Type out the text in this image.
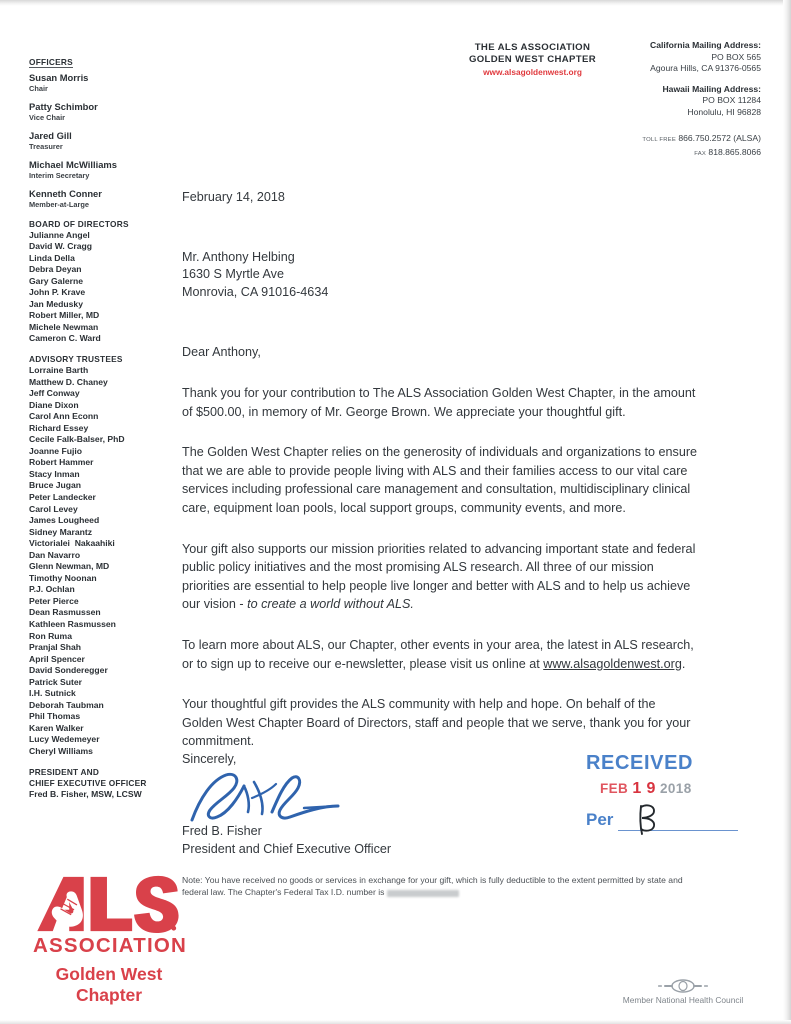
OFFICERS
Susan Morris
Chair
Patty Schimbor
Vice Chair
Jared Gill
Treasurer
Michael McWilliams
Interim Secretary
Kenneth Conner
Member-at-Large
BOARD OF DIRECTORS
Julianne Angel
David W. Cragg
Linda Della
Debra Deyan
Gary Galerne
John P. Krave
Jan Medusky
Robert Miller, MD
Michele Newman
Cameron C. Ward
ADVISORY TRUSTEES
Lorraine Barth
Matthew D. Chaney
Jeff Conway
Diane Dixon
Carol Ann Econn
Richard Essey
Cecile Falk-Balser, PhD
Joanne Fujio
Robert Hammer
Stacy Inman
Bruce Jugan
Peter Landecker
Carol Levey
James Lougheed
Sidney Marantz
Victorialei  Nakaahiki
Dan Navarro
Glenn Newman, MD
Timothy Noonan
P.J. Ochlan
Peter Pierce
Dean Rasmussen
Kathleen Rasmussen
Ron Ruma
Pranjal Shah
April Spencer
David Sonderegger
Patrick Suter
I.H. Sutnick
Deborah Taubman
Phil Thomas
Karen Walker
Lucy Wedemeyer
Cheryl Williams
PRESIDENT AND
CHIEF EXECUTIVE OFFICER
Fred B. Fisher, MSW, LCSW
THE ALS ASSOCIATION
GOLDEN WEST CHAPTER
www.alsagoldenwest.org
California Mailing Address:
PO BOX 565
Agoura Hills, CA 91376-0565
Hawaii Mailing Address:
PO BOX 11284
Honolulu, HI 96828
TOLL FREE 866.750.2572 (ALSA)
FAX 818.865.8066
February 14, 2018
Mr. Anthony Helbing
1630 S Myrtle Ave
Monrovia, CA 91016-4634
Dear Anthony,
Thank you for your contribution to The ALS Association Golden West Chapter, in the amount of $500.00, in memory of Mr. George Brown. We appreciate your thoughtful gift.
The Golden West Chapter relies on the generosity of individuals and organizations to ensure that we are able to provide people living with ALS and their families access to our vital care services including professional care management and consultation, multidisciplinary clinical care, equipment loan pools, local support groups, community events, and more.
Your gift also supports our mission priorities related to advancing important state and federal public policy initiatives and the most promising ALS research. All three of our mission priorities are essential to help people live longer and better with ALS and to help us achieve our vision - to create a world without ALS.
To learn more about ALS, our Chapter, other events in your area, the latest in ALS research, or to sign up to receive our e-newsletter, please visit us online at www.alsagoldenwest.org.
Your thoughtful gift provides the ALS community with help and hope. On behalf of the Golden West Chapter Board of Directors, staff and people that we serve, thank you for your commitment.
Sincerely,
Fred B. Fisher
President and Chief Executive Officer
RECEIVED
FEB 1 9 2018
Per
Note: You have received no goods or services in exchange for your gift, which is fully deductible to the extent permitted by state and federal law. The Chapter's Federal Tax I.D. number is
ASSOCIATION
Golden West
Chapter	Member National Health Council
